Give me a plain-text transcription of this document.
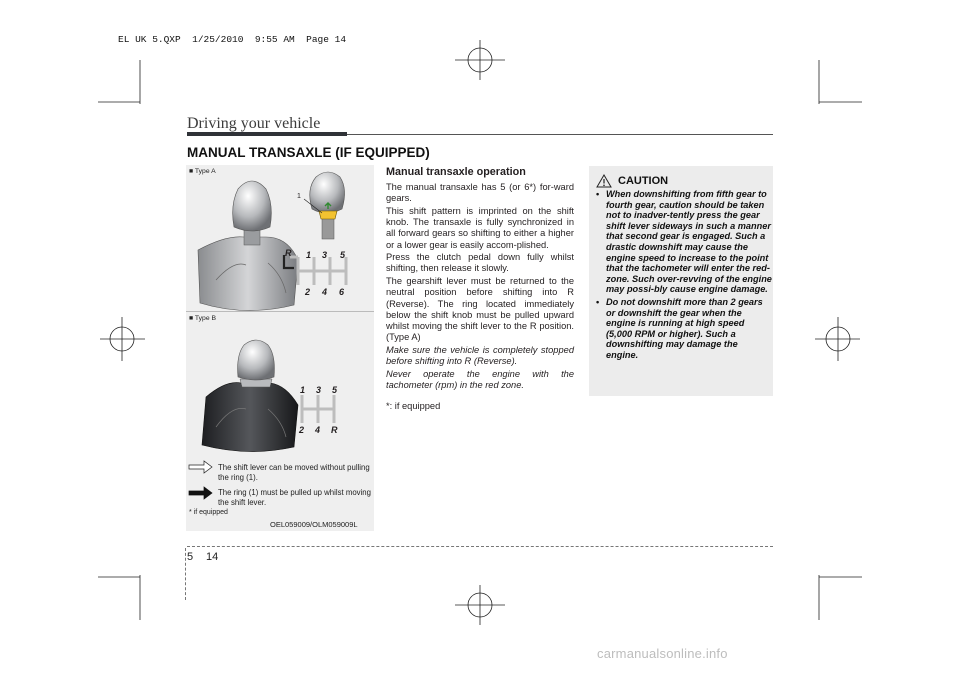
EL UK 5.QXP  1/25/2010  9:55 AM  Page 14
Driving your vehicle
MANUAL TRANSAXLE (IF EQUIPPED)
■ Type A
■ Type B
1
R 1 3 5
2 4 6
1 3 5
2 4 R
The shift lever can be moved without pulling the ring (1).
The ring (1) must be pulled up whilst moving the shift lever.
* if equipped
OEL059009/OLM059009L
Manual transaxle operation

The manual transaxle has 5 (or 6*) for-ward gears.

This shift pattern is imprinted on the shift knob. The transaxle is fully synchronized in all forward gears so shifting to either a higher or a lower gear is easily accom-plished.

Press the clutch pedal down fully whilst shifting, then release it slowly.

The gearshift lever must be returned to the neutral position before shifting into R (Reverse). The ring located immediately below the shift knob must be pulled upward whilst moving the shift lever to the R position. (Type A)

Make sure the vehicle is completely stopped before shifting into R (Reverse).

Never operate the engine with the tachometer (rpm) in the red zone.

*: if equipped

CAUTION
• When downshifting from fifth gear to fourth gear, caution should be taken not to inadver-tently press the gear shift lever sideways in such a manner that second gear is engaged. Such a drastic downshift may cause the engine speed to increase to the point that the tachometer will enter the red-zone. Such over-revving of the engine may possi-bly cause engine damage.
• Do not downshift more than 2 gears or downshift the gear when the engine is running at high speed (5,000 RPM or higher). Such a downshifting may damage the engine.
5 14
carmanualsonline.info
